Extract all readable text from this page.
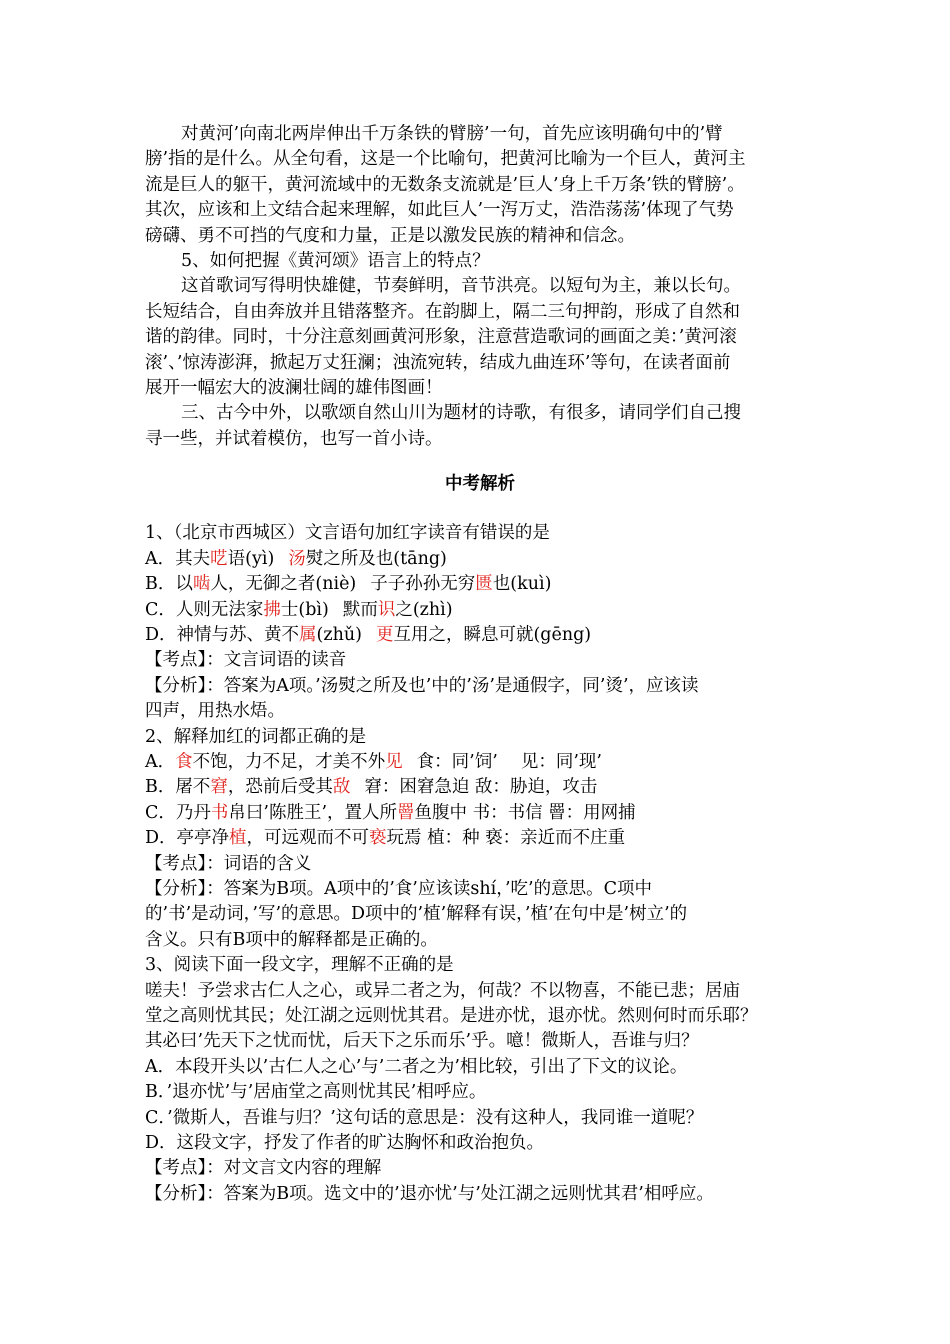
对黄河’向南北两岸伸出千万条铁的臂膀’一句，首先应该明确句中的’臂

膀’指的是什么。从全句看，这是一个比喻句，把黄河比喻为一个巨人，黄河主

流是巨人的躯干，黄河流域中的无数条支流就是’巨人’身上千万条’铁的臂膀’。

其次，应该和上文结合起来理解，如此巨人’一泻万丈，浩浩荡荡’体现了气势

磅礴、勇不可挡的气度和力量，正是以激发民族的精神和信念。

5、如何把握《黄河颂》语言上的特点？

这首歌词写得明快雄健，节奏鲜明，音节洪亮。以短句为主，兼以长句。

长短结合，自由奔放并且错落整齐。在韵脚上，隔二三句押韵，形成了自然和

谐的韵律。同时，十分注意刻画黄河形象，注意营造歌词的画面之美：’黄河滚

滚’、’惊涛澎湃，掀起万丈狂澜；浊流宛转，结成九曲连环’等句，在读者面前

展开一幅宏大的波澜壮阔的雄伟图画！

三、古今中外，以歌颂自然山川为题材的诗歌，有很多，请同学们自己搜

寻一些，并试着模仿，也写一首小诗。

中考解析

1、（北京市西城区）文言语句加红字读音有错误的是

A．其夫呓语(yì) 汤熨之所及也(tāng)

B．以啮人，无御之者(niè) 子子孙孙无穷匮也(kuì)

C．人则无法家拂士(bì) 默而识之(zhì)

D．神情与苏、黄不属(zhǔ) 更互用之，瞬息可就(gēng)

【考点】：文言词语的读音

【分析】：答案为A项。’汤熨之所及也’中的’汤’是通假字，同’烫’，应该读

四声，用热水焐。

2、解释加红的词都正确的是

A．食不饱，力不足，才美不外见 食：同’饲’　 见：同’现’

B．屠不窘，恐前后受其敌 窘：困窘急迫 敌：胁迫，攻击

C．乃丹书帛曰’陈胜王’，置人所罾鱼腹中 书：书信 罾：用网捕

D．亭亭净植，可远观而不可亵玩焉 植：种 亵：亲近而不庄重

【考点】：词语的含义

【分析】：答案为B项。A项中的’食’应该读shí，’吃’的意思。C项中

的’书’是动词，’写’的意思。D项中的’植’解释有误，’植’在句中是’树立’的

含义。只有B项中的解释都是正确的。

3、阅读下面一段文字，理解不正确的是

嗟夫！予尝求古仁人之心，或异二者之为，何哉？不以物喜，不能已悲；居庙

堂之高则忧其民；处江湖之远则忧其君。是进亦忧，退亦忧。然则何时而乐耶？

其必曰’先天下之忧而忧，后天下之乐而乐’乎。噫！微斯人，吾谁与归？

A．本段开头以’古仁人之心’与’二者之为’相比较，引出了下文的议论。

B．’退亦忧’与’居庙堂之高则忧其民’相呼应。

C．’微斯人，吾谁与归？’这句话的意思是：没有这种人，我同谁一道呢？

D．这段文字，抒发了作者的旷达胸怀和政治抱负。

【考点】：对文言文内容的理解

【分析】：答案为B项。选文中的’退亦忧’与’处江湖之远则忧其君’相呼应。
